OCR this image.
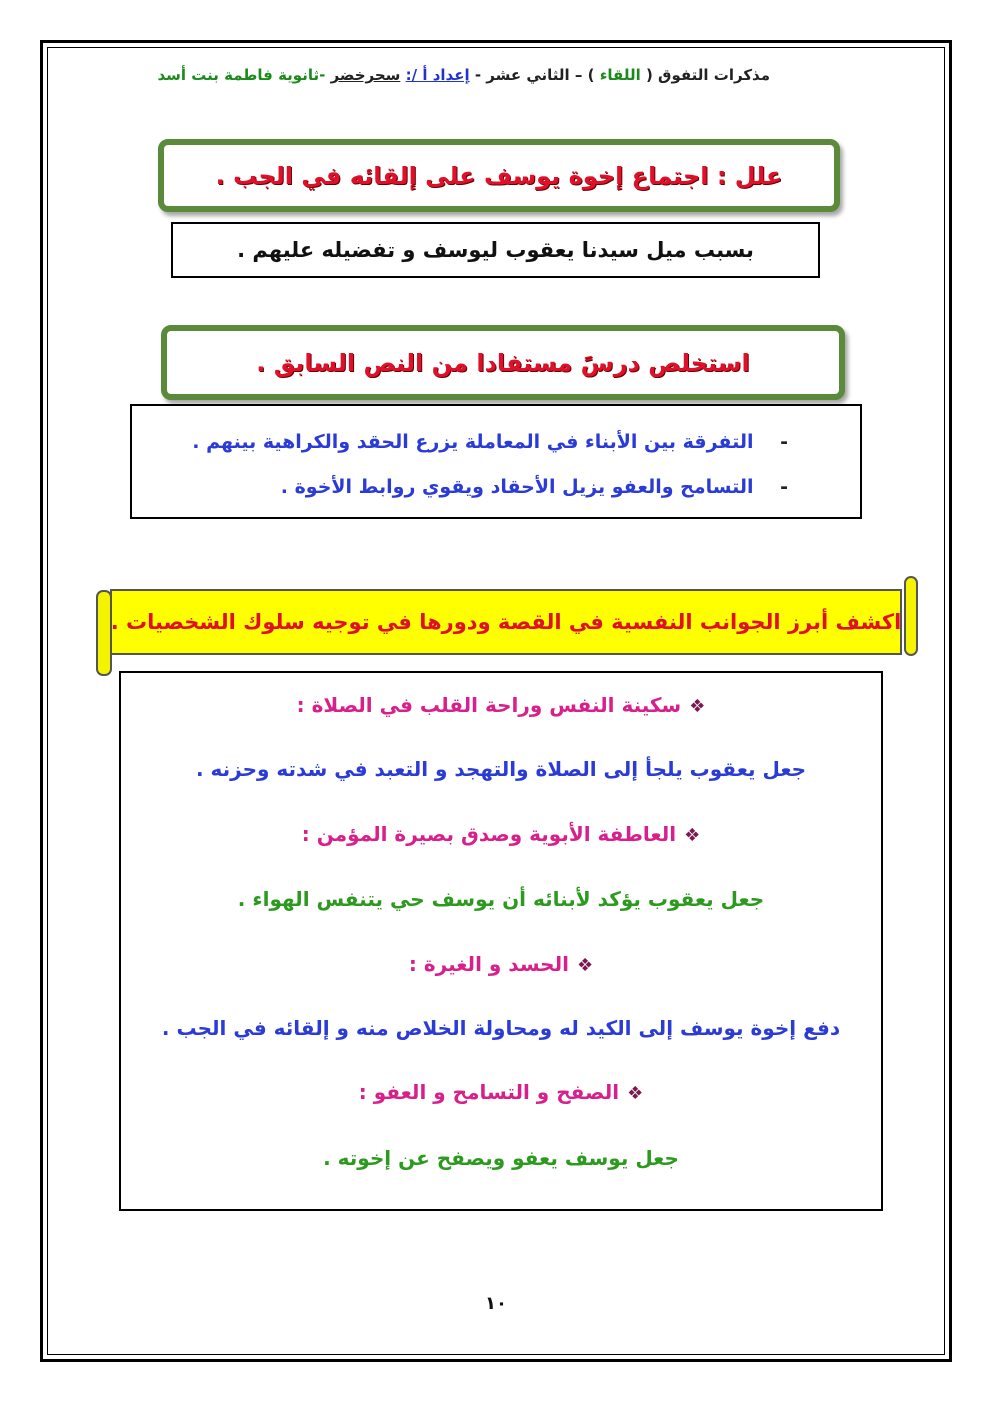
مذكرات التفوق ( اللقاء ) – الثاني عشر - إعداد أ /: سحرخضر -ثانوية فاطمة بنت أسد
علل : اجتماع إخوة يوسف على إلقائه في الجب .
بسبب ميل سيدنا يعقوب ليوسف و تفضيله عليهم .
استخلص درسً مستفادا من النص السابق .
- التفرقة بين الأبناء في المعاملة يزرع الحقد والكراهية بينهم .
- التسامح والعفو يزيل الأحقاد ويقوي روابط الأخوة .
اكشف أبرز الجوانب النفسية في القصة ودورها في توجيه سلوك الشخصيات .
❖سكينة النفس وراحة القلب في الصلاة :
جعل يعقوب يلجأ إلى الصلاة والتهجد و التعبد في شدته وحزنه .
❖العاطفة الأبوية وصدق بصيرة المؤمن :
جعل يعقوب يؤكد لأبنائه أن يوسف حي يتنفس الهواء .
❖الحسد و الغيرة :
دفع إخوة يوسف إلى الكيد له ومحاولة الخلاص منه و إلقائه في الجب .
❖الصفح و التسامح و العفو :
جعل يوسف يعفو ويصفح عن إخوته .
١٠
